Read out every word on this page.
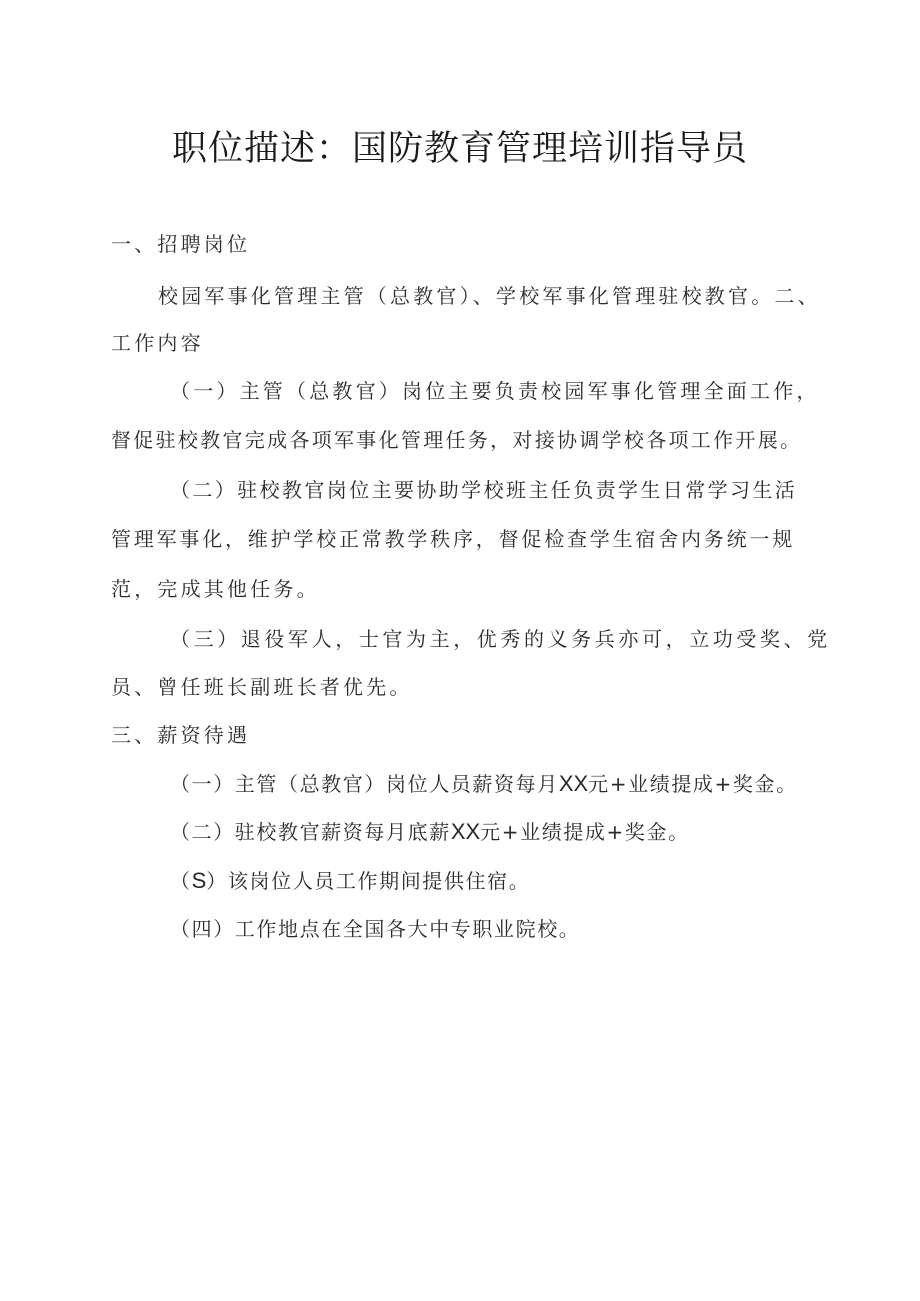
职位描述：国防教育管理培训指导员
一、招聘岗位
校园军事化管理主管（总教官）、学校军事化管理驻校教官。二、
工作内容
（一）主管（总教官）岗位主要负责校园军事化管理全面工作，
督促驻校教官完成各项军事化管理任务，对接协调学校各项工作开展。
（二）驻校教官岗位主要协助学校班主任负责学生日常学习生活
管理军事化，维护学校正常教学秩序，督促检查学生宿舍内务统一规
范，完成其他任务。
（三）退役军人，士官为主，优秀的义务兵亦可，立功受奖、党
员、曾任班长副班长者优先。
三、薪资待遇
（一）主管（总教官）岗位人员薪资每月XX元+业绩提成+奖金。
（二）驻校教官薪资每月底薪XX元+业绩提成+奖金。
（S）该岗位人员工作期间提供住宿。
（四）工作地点在全国各大中专职业院校。
